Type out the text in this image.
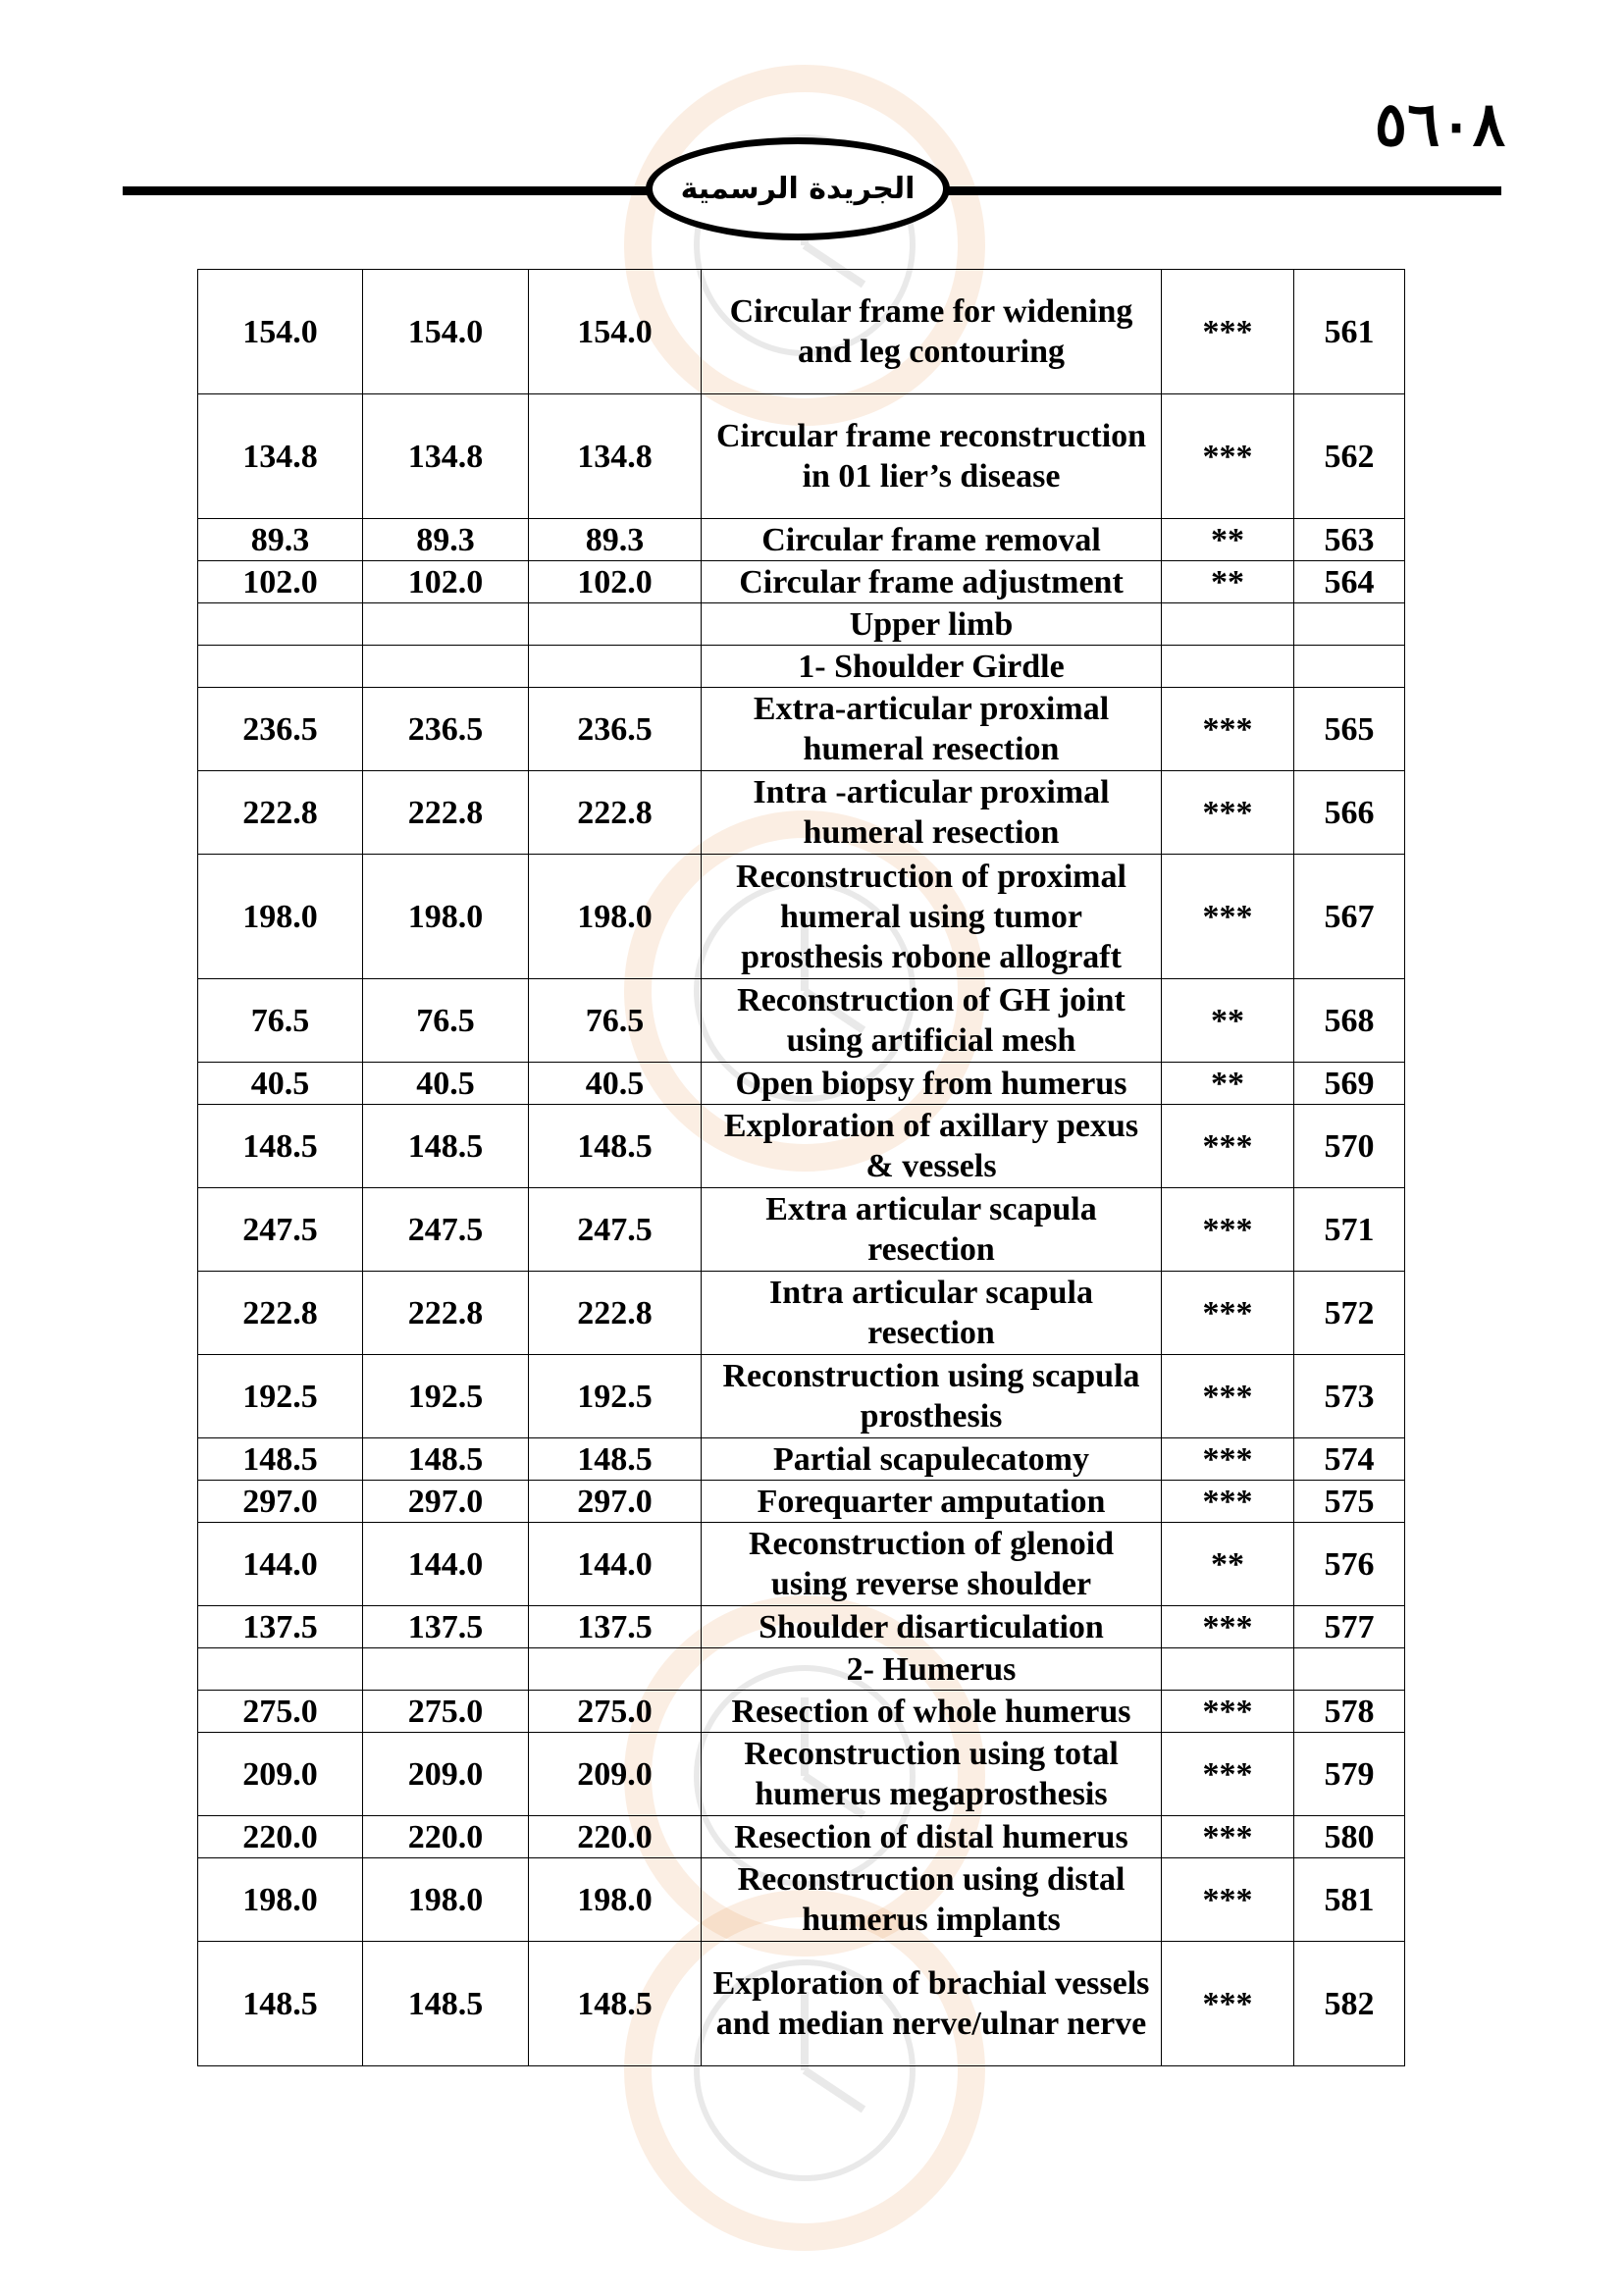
٥٦٠٨
الجريدة الرسمية
154.0	154.0	154.0	Circular frame for widening and leg contouring	***	561
134.8	134.8	134.8	Circular frame reconstruction in 01 lier’s disease	***	562
89.3	89.3	89.3	Circular frame removal	**	563
102.0	102.0	102.0	Circular frame adjustment	**	564
			Upper limb		
			1- Shoulder Girdle		
236.5	236.5	236.5	Extra-articular proximal humeral resection	***	565
222.8	222.8	222.8	Intra -articular proximal humeral resection	***	566
198.0	198.0	198.0	Reconstruction of proximal humeral using tumor prosthesis robone allograft	***	567
76.5	76.5	76.5	Reconstruction of GH joint using artificial mesh	**	568
40.5	40.5	40.5	Open biopsy from humerus	**	569
148.5	148.5	148.5	Exploration of axillary pexus & vessels	***	570
247.5	247.5	247.5	Extra articular scapula resection	***	571
222.8	222.8	222.8	Intra articular scapula resection	***	572
192.5	192.5	192.5	Reconstruction using scapula prosthesis	***	573
148.5	148.5	148.5	Partial scapulecatomy	***	574
297.0	297.0	297.0	Forequarter amputation	***	575
144.0	144.0	144.0	Reconstruction of glenoid using reverse shoulder	**	576
137.5	137.5	137.5	Shoulder disarticulation	***	577
			2- Humerus		
275.0	275.0	275.0	Resection of whole humerus	***	578
209.0	209.0	209.0	Reconstruction using total humerus megaprosthesis	***	579
220.0	220.0	220.0	Resection of distal humerus	***	580
198.0	198.0	198.0	Reconstruction using distal humerus implants	***	581
148.5	148.5	148.5	Exploration of brachial vessels and median nerve/ulnar nerve	***	582
